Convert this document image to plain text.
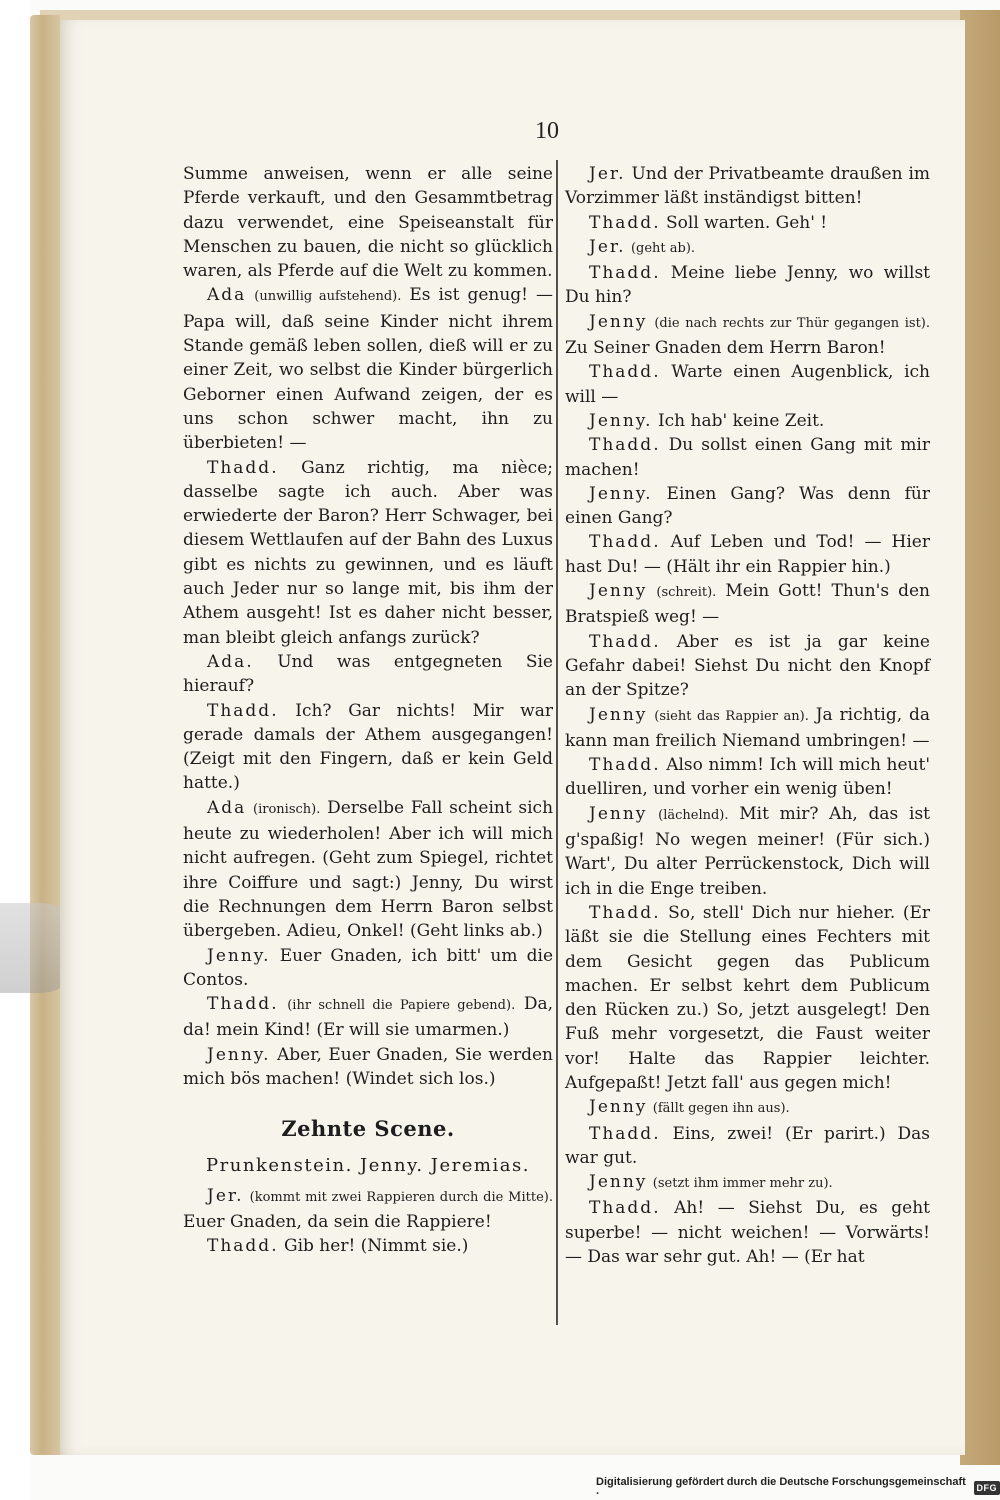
10

Summe anweisen, wenn er alle seine Pferde verkauft, und den Gesammtbetrag dazu verwendet, eine Speiseanstalt für Menschen zu bauen, die nicht so glücklich waren, als Pferde auf die Welt zu kommen.

Ada (unwillig aufstehend). Es ist genug! — Papa will, daß seine Kinder nicht ihrem Stande gemäß leben sollen, dieß will er zu einer Zeit, wo selbst die Kinder bürgerlich Geborner einen Aufwand zeigen, der es uns schon schwer macht, ihn zu überbieten! —

Thadd. Ganz richtig, ma nièce; dasselbe sagte ich auch. Aber was erwiederte der Baron? Herr Schwager, bei diesem Wettlaufen auf der Bahn des Luxus gibt es nichts zu gewinnen, und es läuft auch Jeder nur so lange mit, bis ihm der Athem ausgeht! Ist es daher nicht besser, man bleibt gleich anfangs zurück?

Ada. Und was entgegneten Sie hierauf?

Thadd. Ich? Gar nichts! Mir war gerade damals der Athem ausgegangen! (Zeigt mit den Fingern, daß er kein Geld hatte.)

Ada (ironisch). Derselbe Fall scheint sich heute zu wiederholen! Aber ich will mich nicht aufregen. (Geht zum Spiegel, richtet ihre Coiffure und sagt:) Jenny, Du wirst die Rechnungen dem Herrn Baron selbst übergeben. Adieu, Onkel! (Geht links ab.)

Jenny. Euer Gnaden, ich bitt' um die Contos.

Thadd. (ihr schnell die Papiere gebend). Da, da! mein Kind! (Er will sie umarmen.)

Jenny. Aber, Euer Gnaden, Sie werden mich bös machen! (Windet sich los.)

Zehnte Scene.

Prunkenstein. Jenny. Jeremias.

Jer. (kommt mit zwei Rappieren durch die Mitte). Euer Gnaden, da sein die Rappiere!

Thadd. Gib her! (Nimmt sie.)

Jer. Und der Privatbeamte draußen im Vorzimmer läßt inständigst bitten!

Thadd. Soll warten. Geh' !

Jer. (geht ab).

Thadd. Meine liebe Jenny, wo willst Du hin?

Jenny (die nach rechts zur Thür gegangen ist). Zu Seiner Gnaden dem Herrn Baron!

Thadd. Warte einen Augenblick, ich will —

Jenny. Ich hab' keine Zeit.

Thadd. Du sollst einen Gang mit mir machen!

Jenny. Einen Gang? Was denn für einen Gang?

Thadd. Auf Leben und Tod! — Hier hast Du! — (Hält ihr ein Rappier hin.)

Jenny (schreit). Mein Gott! Thun's den Bratspieß weg! —

Thadd. Aber es ist ja gar keine Gefahr dabei! Siehst Du nicht den Knopf an der Spitze?

Jenny (sieht das Rappier an). Ja richtig, da kann man freilich Niemand umbringen! —

Thadd. Also nimm! Ich will mich heut' duelliren, und vorher ein wenig üben!

Jenny (lächelnd). Mit mir? Ah, das ist g'spaßig! No wegen meiner! (Für sich.) Wart', Du alter Perrückenstock, Dich will ich in die Enge treiben.

Thadd. So, stell' Dich nur hieher. (Er läßt sie die Stellung eines Fechters mit dem Gesicht gegen das Publicum machen. Er selbst kehrt dem Publicum den Rücken zu.) So, jetzt ausgelegt! Den Fuß mehr vorgesetzt, die Faust weiter vor! Halte das Rappier leichter. Aufgepaßt! Jetzt fall' aus gegen mich!

Jenny (fällt gegen ihn aus).

Thadd. Eins, zwei! (Er parirt.) Das war gut.

Jenny (setzt ihm immer mehr zu).

Thadd. Ah! — Siehst Du, es geht superbe! — nicht weichen! — Vorwärts! — Das war sehr gut. Ah! — (Er hat

Digitalisierung gefördert durch die Deutsche Forschungsgemeinschaft ·	DFG
